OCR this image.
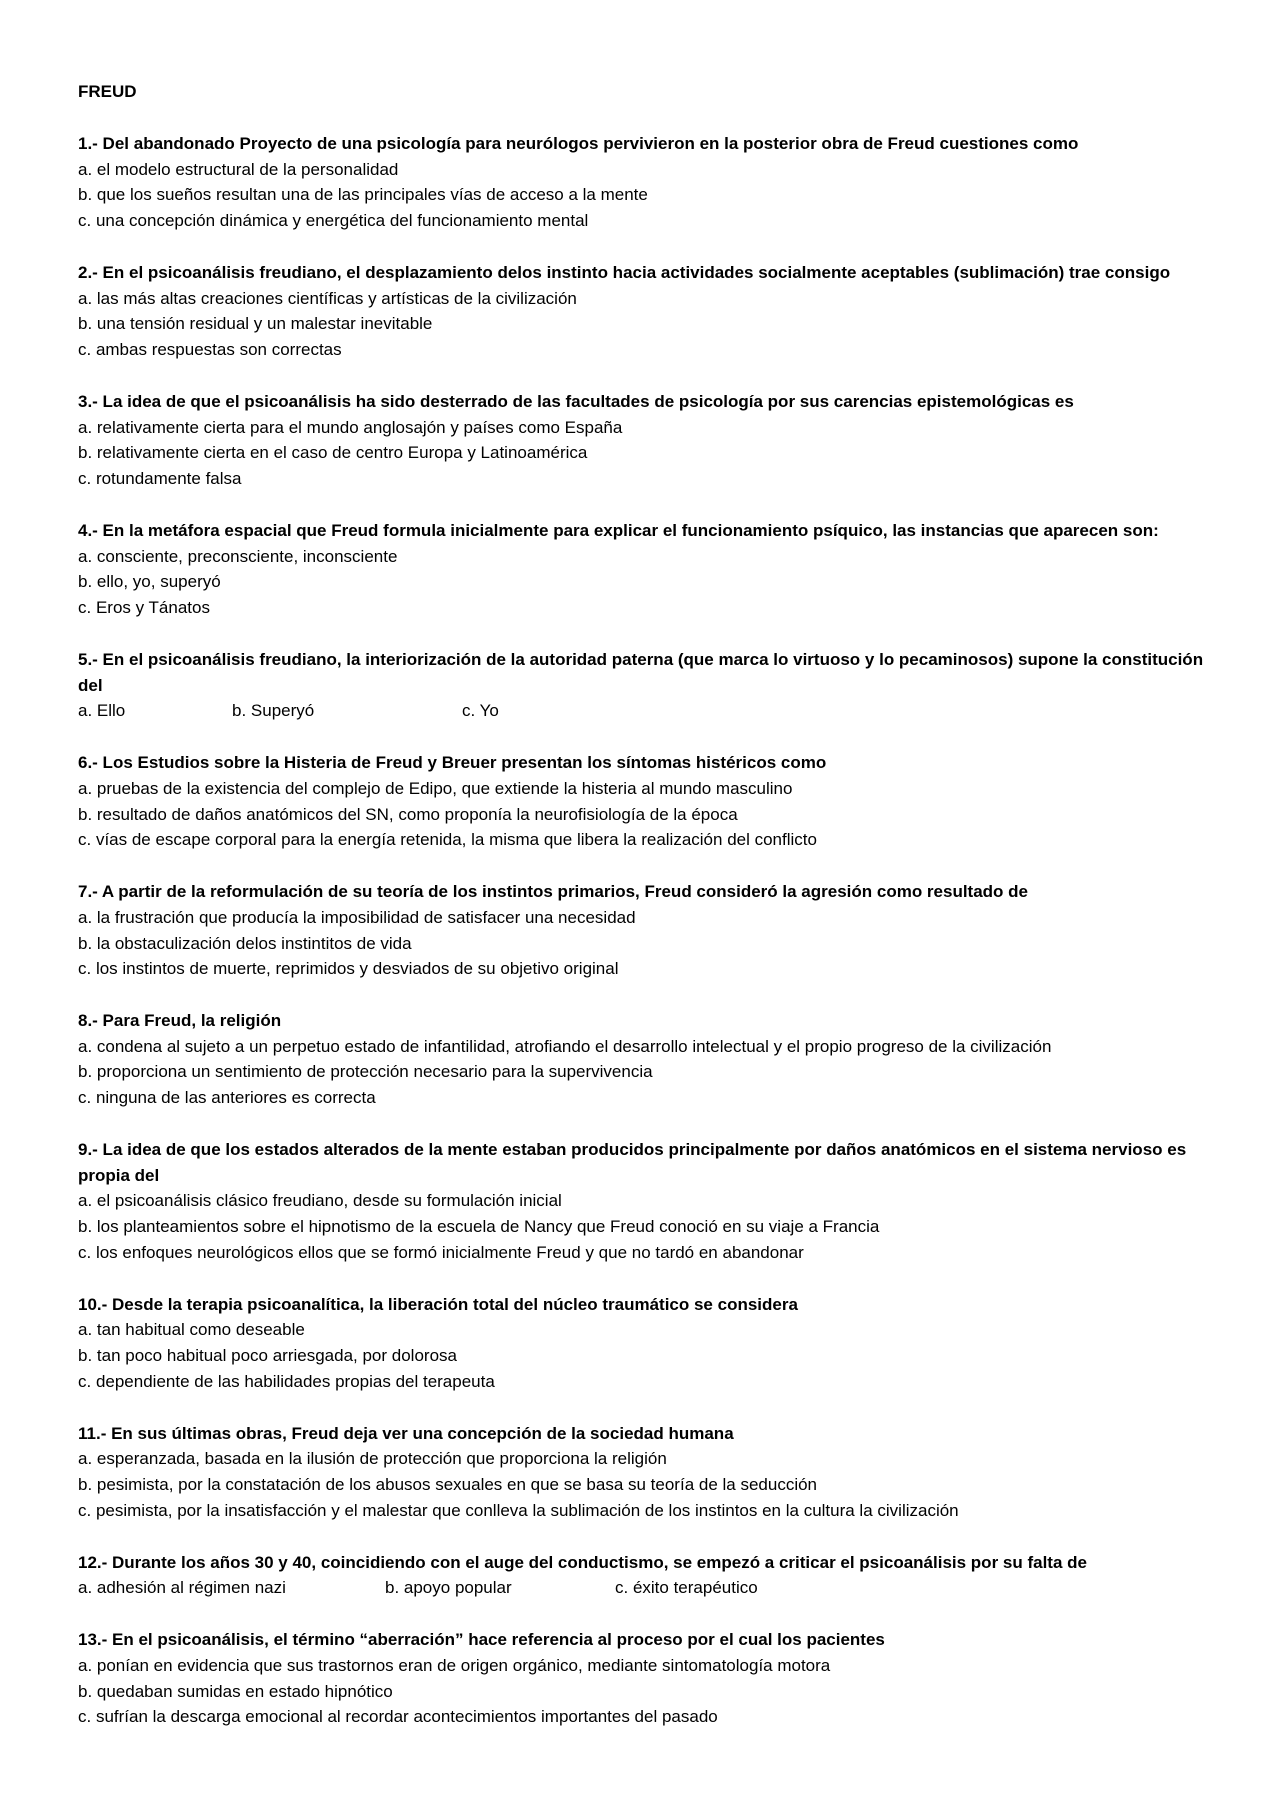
FREUD
1.- Del abandonado Proyecto de una psicología para neurólogos pervivieron en la posterior obra de Freud cuestiones como
a. el modelo estructural de la personalidad
b. que los sueños resultan una de las principales vías de acceso a la mente
c. una concepción dinámica y energética del funcionamiento mental
2.- En el psicoanálisis freudiano, el desplazamiento delos instinto hacia actividades socialmente aceptables (sublimación) trae consigo
a. las más altas creaciones científicas y artísticas de la civilización
b. una tensión residual y un malestar inevitable
c. ambas respuestas son correctas
3.- La idea de que el psicoanálisis ha sido desterrado de las facultades de psicología por sus carencias epistemológicas es
a. relativamente cierta para el mundo anglosajón y países como España
b. relativamente cierta en el caso de centro Europa y Latinoamérica
c. rotundamente falsa
4.- En la metáfora espacial que Freud formula inicialmente para explicar el funcionamiento psíquico, las instancias que aparecen son:
a. consciente, preconsciente, inconsciente
b. ello, yo, superyó
c. Eros y Tánatos
5.- En el psicoanálisis freudiano, la interiorización de la autoridad paterna (que marca lo virtuoso y lo pecaminosos) supone la constitución del
a. Ello	b. Superyó	c. Yo
6.- Los Estudios sobre la Histeria de Freud y Breuer presentan los síntomas histéricos como
a. pruebas de la existencia del complejo de Edipo, que extiende la histeria al mundo masculino
b. resultado de daños anatómicos del SN, como proponía la neurofisiología de la época
c. vías de escape corporal para la energía retenida, la misma que libera la realización del conflicto
7.- A partir de la reformulación de su teoría de los instintos primarios, Freud consideró la agresión como resultado de
a. la frustración que producía la imposibilidad de satisfacer una necesidad
b. la obstaculización delos instintitos de vida
c. los instintos de muerte, reprimidos y desviados de su objetivo original
8.- Para Freud, la religión
a. condena al sujeto a un perpetuo estado de infantilidad, atrofiando el desarrollo intelectual y el propio progreso de la civilización
b. proporciona un sentimiento de protección necesario para la supervivencia
c. ninguna de las anteriores es correcta
9.- La idea de que los estados alterados de la mente estaban producidos principalmente por daños anatómicos en el sistema nervioso es propia del
a. el psicoanálisis clásico freudiano, desde su formulación inicial
b. los planteamientos sobre el hipnotismo de la escuela de Nancy que Freud conoció en su viaje a Francia
c. los enfoques neurológicos ellos que se formó inicialmente Freud y que no tardó en abandonar
10.- Desde la terapia psicoanalítica, la liberación total del núcleo traumático se considera
a. tan habitual como deseable
b. tan poco habitual poco arriesgada, por dolorosa
c. dependiente de las habilidades propias del terapeuta
11.- En sus últimas obras, Freud deja ver una concepción de la sociedad humana
a. esperanzada, basada en la ilusión de protección que proporciona la religión
b. pesimista, por la constatación de los abusos sexuales en que se basa su teoría de la seducción
c. pesimista, por la insatisfacción y el malestar que conlleva la sublimación de los instintos en la cultura la civilización
12.- Durante los años 30 y 40, coincidiendo con el auge del conductismo, se empezó a criticar el psicoanálisis por su falta de
a. adhesión al régimen nazi	b. apoyo popular	c. éxito terapéutico
13.- En el psicoanálisis, el término “aberración” hace referencia al proceso por el cual los pacientes
a. ponían en evidencia que sus trastornos eran de origen orgánico, mediante sintomatología motora
b. quedaban sumidas en estado hipnótico
c. sufrían la descarga emocional al recordar acontecimientos importantes del pasado
